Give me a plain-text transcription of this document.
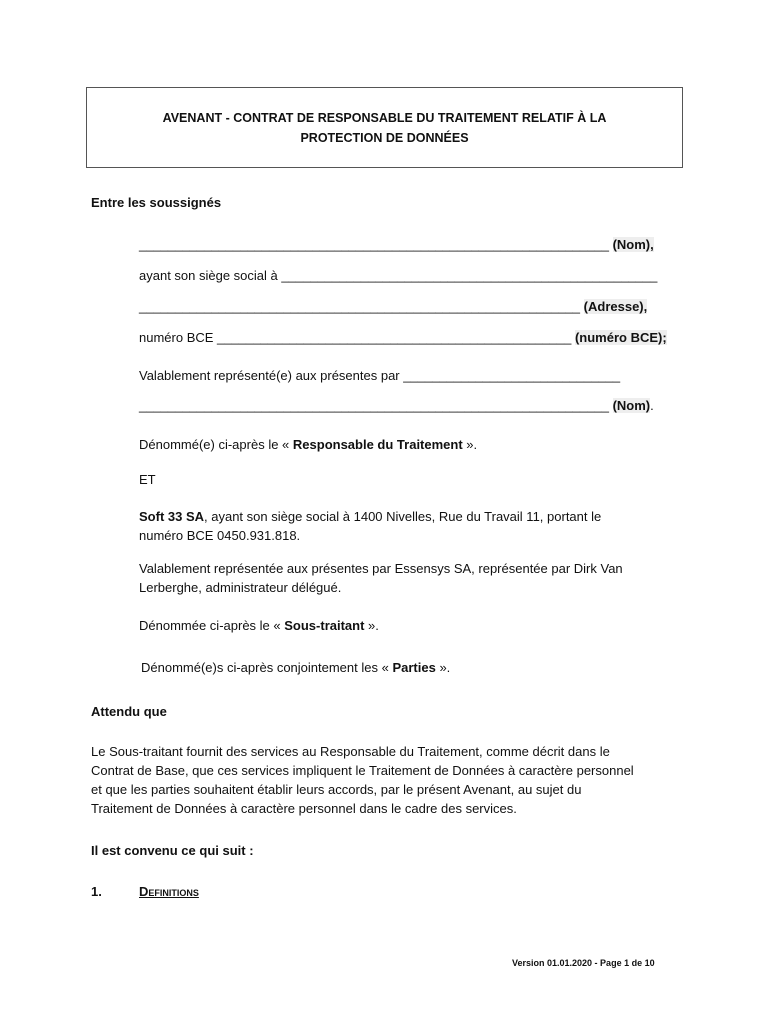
AVENANT - CONTRAT DE RESPONSABLE DU TRAITEMENT RELATIF À LA
PROTECTION DE DONNÉES
Entre les soussignés
_________________________________________________________________ (Nom),
ayant son siège social à ____________________________________________________
_____________________________________________________________ (Adresse),
numéro BCE _________________________________________________ (numéro BCE);
Valablement représenté(e) aux présentes par ______________________________
_________________________________________________________________ (Nom).
Dénommé(e) ci-après le « Responsable du Traitement ».
ET
Soft 33 SA, ayant son siège social à 1400 Nivelles, Rue du Travail 11, portant le
numéro BCE 0450.931.818.
Valablement représentée aux présentes par Essensys SA, représentée par Dirk Van
Lerberghe, administrateur délégué.
Dénommée ci-après le « Sous-traitant ».
Dénommé(e)s ci-après conjointement les « Parties ».
Attendu que
Le Sous-traitant fournit des services au Responsable du Traitement, comme décrit dans le
Contrat de Base, que ces services impliquent le Traitement de Données à caractère personnel
et que les parties souhaitent établir leurs accords, par le présent Avenant, au sujet du
Traitement de Données à caractère personnel dans le cadre des services.
Il est convenu ce qui suit :
1.	Definitions
Version 01.01.2020 - Page 1 de 10
